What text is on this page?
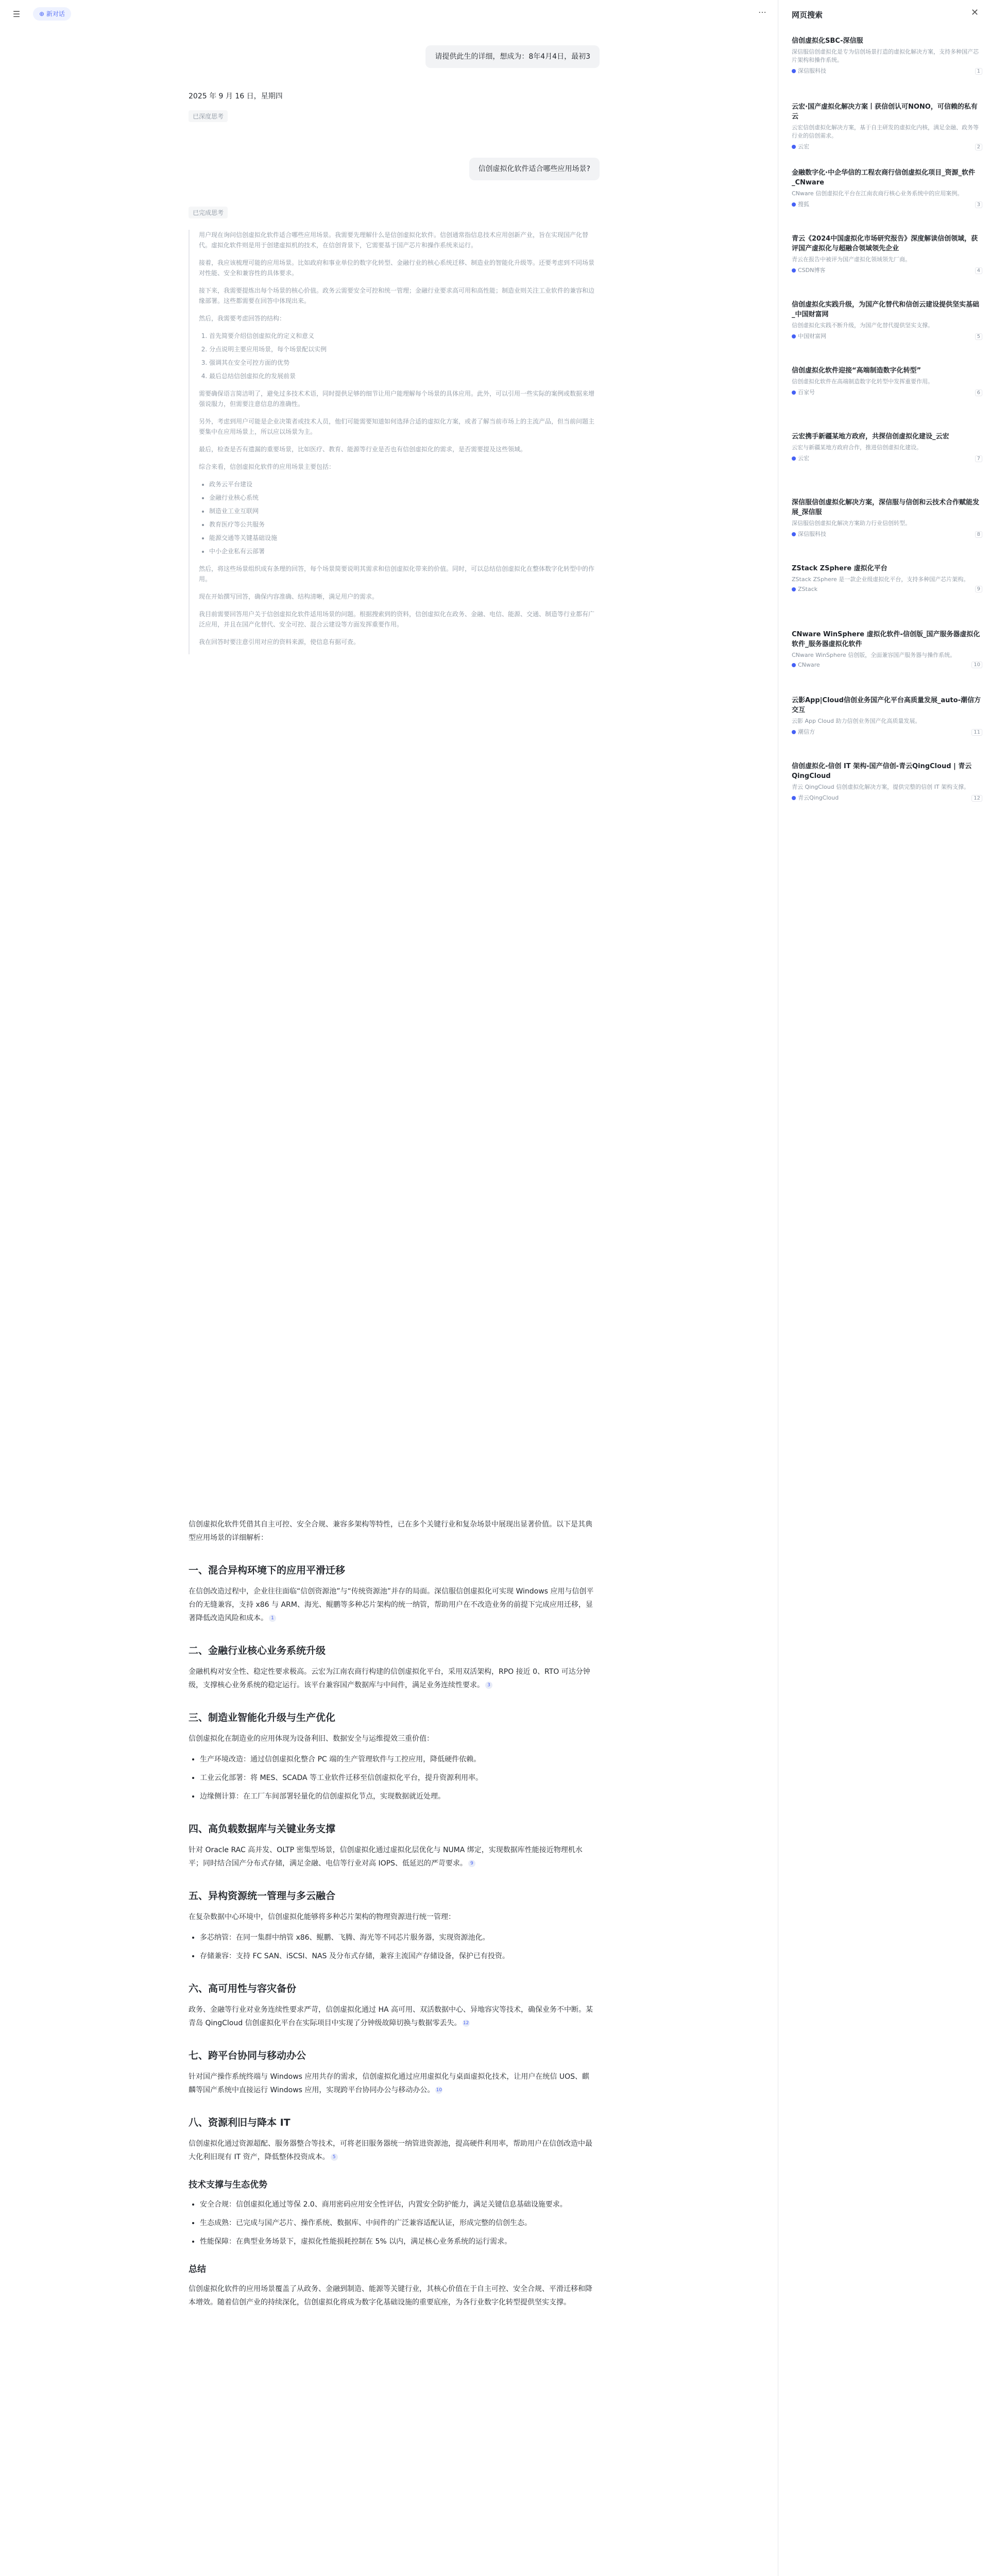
☰	⊕ 新对话
请提供此生的详细，想成为：8年4月4日，最初3
2025 年 9 月 16 日，星期四
已深度思考
信创虚拟化软件适合哪些应用场景?
已完成思考

用户现在询问信创虚拟化软件适合哪些应用场景。我需要先理解什么是信创虚拟化软件。信创通常指信息技术应用创新产业，旨在实现国产化替代。虚拟化软件则是用于创建虚拟机的技术，在信创背景下，它需要基于国产芯片和操作系统来运行。

接着，我应该梳理可能的应用场景。比如政府和事业单位的数字化转型、金融行业的核心系统迁移、制造业的智能化升级等。还要考虑到不同场景对性能、安全和兼容性的具体要求。

接下来，我需要提炼出每个场景的核心价值。政务云需要安全可控和统一管理；金融行业要求高可用和高性能；制造业则关注工业软件的兼容和边缘部署。这些都需要在回答中体现出来。

然后，我需要考虑回答的结构：

1. 首先简要介绍信创虚拟化的定义和意义
2. 分点说明主要应用场景，每个场景配以实例
3. 强调其在安全可控方面的优势
4. 最后总结信创虚拟化的发展前景

需要确保语言简洁明了，避免过多技术术语，同时提供足够的细节让用户能理解每个场景的具体应用。此外，可以引用一些实际的案例或数据来增强说服力，但需要注意信息的准确性。

另外，考虑到用户可能是企业决策者或技术人员，他们可能需要知道如何选择合适的虚拟化方案，或者了解当前市场上的主流产品，但当前问题主要集中在应用场景上，所以应以场景为主。

最后，检查是否有遗漏的重要场景，比如医疗、教育、能源等行业是否也有信创虚拟化的需求，是否需要提及这些领域。

综合来看，信创虚拟化软件的应用场景主要包括：

• 政务云平台建设
• 金融行业核心系统
• 制造业工业互联网
• 教育医疗等公共服务
• 能源交通等关键基础设施
• 中小企业私有云部署

然后，将这些场景组织成有条理的回答，每个场景简要说明其需求和信创虚拟化带来的价值。同时，可以总结信创虚拟化在整体数字化转型中的作用。

现在开始撰写回答，确保内容准确、结构清晰，满足用户的需求。

我目前需要回答用户关于信创虚拟化软件适用场景的问题。根据搜索到的资料，信创虚拟化在政务、金融、电信、能源、交通、制造等行业都有广泛应用，并且在国产化替代、安全可控、混合云建设等方面发挥重要作用。

我在回答时要注意引用对应的资料来源，使信息有据可查。

信创虚拟化软件凭借其自主可控、安全合规、兼容多架构等特性，已在多个关键行业和复杂场景中展现出显著价值。以下是其典型应用场景的详细解析：

一、混合异构环境下的应用平滑迁移

在信创改造过程中，企业往往面临“信创资源池”与“传统资源池”并存的局面。深信服信创虚拟化可实现 Windows 应用与信创平台的无缝兼容，支持 x86 与 ARM、海光、鲲鹏等多种芯片架构的统一纳管，帮助用户在不改造业务的前提下完成应用迁移，显著降低改造风险和成本。 1

二、金融行业核心业务系统升级

金融机构对安全性、稳定性要求极高。云宏为江南农商行构建的信创虚拟化平台，采用双活架构，RPO 接近 0、RTO 可达分钟级，支撑核心业务系统的稳定运行。该平台兼容国产数据库与中间件，满足业务连续性要求。 3

三、制造业智能化升级与生产优化

信创虚拟化在制造业的应用体现为设备利旧、数据安全与运维提效三重价值：

• 生产环境改造：通过信创虚拟化整合 PC 端的生产管理软件与工控应用，降低硬件依赖。
• 工业云化部署：将 MES、SCADA 等工业软件迁移至信创虚拟化平台，提升资源利用率。
• 边缘侧计算：在工厂车间部署轻量化的信创虚拟化节点，实现数据就近处理。
四、高负载数据库与关键业务支撑

针对 Oracle RAC 高并发、OLTP 密集型场景，信创虚拟化通过虚拟化层优化与 NUMA 绑定，实现数据库性能接近物理机水平；同时结合国产分布式存储，满足金融、电信等行业对高 IOPS、低延迟的严苛要求。 9

五、异构资源统一管理与多云融合

在复杂数据中心环境中，信创虚拟化能够将多种芯片架构的物理资源进行统一管理：

• 多芯纳管：在同一集群中纳管 x86、鲲鹏、飞腾、海光等不同芯片服务器，实现资源池化。
• 存储兼容：支持 FC SAN、iSCSI、NAS 及分布式存储，兼容主流国产存储设备，保护已有投资。
六、高可用性与容灾备份

政务、金融等行业对业务连续性要求严苛，信创虚拟化通过 HA 高可用、双活数据中心、异地容灾等技术，确保业务不中断。某青岛 QingCloud 信创虚拟化平台在实际项目中实现了分钟级故障切换与数据零丢失。 12

七、跨平台协同与移动办公

针对国产操作系统终端与 Windows 应用共存的需求，信创虚拟化通过应用虚拟化与桌面虚拟化技术，让用户在统信 UOS、麒麟等国产系统中直接运行 Windows 应用，实现跨平台协同办公与移动办公。 10

八、资源利旧与降本 IT

信创虚拟化通过资源超配、服务器整合等技术，可将老旧服务器统一纳管进资源池，提高硬件利用率，帮助用户在信创改造中最大化利旧现有 IT 资产，降低整体投资成本。 5

技术支撑与生态优势
• 安全合规：信创虚拟化通过等保 2.0、商用密码应用安全性评估，内置安全防护能力，满足关键信息基础设施要求。
• 生态成熟：已完成与国产芯片、操作系统、数据库、中间件的广泛兼容适配认证，形成完整的信创生态。
• 性能保障：在典型业务场景下，虚拟化性能损耗控制在 5% 以内，满足核心业务系统的运行需求。
总结

信创虚拟化软件的应用场景覆盖了从政务、金融到制造、能源等关键行业，其核心价值在于自主可控、安全合规、平滑迁移和降本增效。随着信创产业的持续深化，信创虚拟化将成为数字化基础设施的重要底座，为各行业数字化转型提供坚实支撑。

⋯	网页搜索	✕
信创虚拟化SBC-深信服
深信服信创虚拟化是专为信创场景打造的虚拟化解决方案，支持多种国产芯片架构和操作系统。
深信服科技	1
云宏·国产虚拟化解决方案丨获信创认可NONO，可信赖的私有云
云宏信创虚拟化解决方案，基于自主研发的虚拟化内核，满足金融、政务等行业的信创需求。
云宏	2
金融数字化·中企华信的工程农商行信创虚拟化项目_资源_软件_CNware
CNware 信创虚拟化平台在江南农商行核心业务系统中的应用案例。
搜狐	3
青云《2024中国虚拟化市场研究报告》深度解读信创领域，获评国产虚拟化与超融合领域领先企业
青云在报告中被评为国产虚拟化领域领先厂商。
CSDN博客	4
信创虚拟化实践升级，为国产化替代和信创云建设提供坚实基础_中国财富网
信创虚拟化实践不断升级，为国产化替代提供坚实支撑。
中国财富网	5
信创虚拟化软件迎接“高端制造数字化转型”
信创虚拟化软件在高端制造数字化转型中发挥重要作用。
百家号	6
云宏携手新疆某地方政府，共探信创虚拟化建设_云宏
云宏与新疆某地方政府合作，推进信创虚拟化建设。
云宏	7
深信服信创虚拟化解决方案，深信服与信创和云技术合作赋能发展_深信服
深信服信创虚拟化解决方案助力行业信创转型。
深信服科技	8
ZStack ZSphere 虚拟化平台
ZStack ZSphere 是一款企业级虚拟化平台，支持多种国产芯片架构。
ZStack	9
CNware WinSphere 虚拟化软件-信创版_国产服务器虚拟化软件_服务器虚拟化软件
CNware WinSphere 信创版，全面兼容国产服务器与操作系统。
CNware	10
云影App|Cloud信创业务国产化平台高质量发展_auto-潮信方交互
云影 App Cloud 助力信创业务国产化高质量发展。
潮信方	11
信创虚拟化-信创 IT 架构-国产信创-青云QingCloud | 青云QingCloud
青云 QingCloud 信创虚拟化解决方案，提供完整的信创 IT 架构支撑。
青云QingCloud	12
